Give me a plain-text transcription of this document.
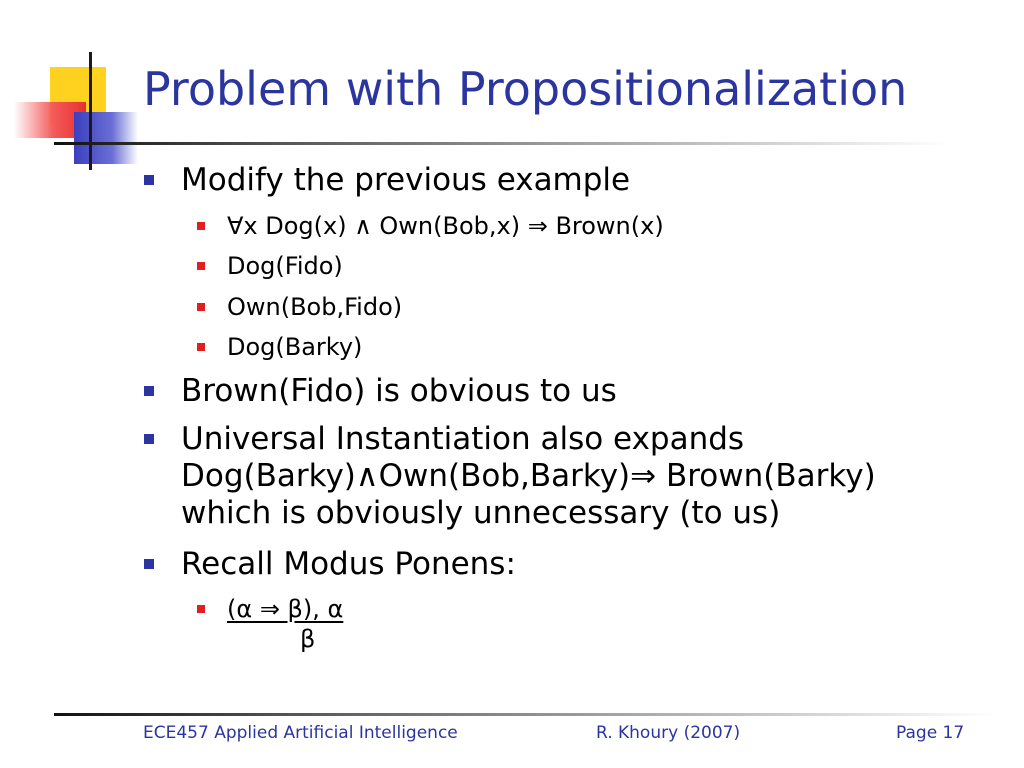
Problem with Propositionalization
Modify the previous example
∀x Dog(x) ∧ Own(Bob,x) ⇒ Brown(x)
Dog(Fido)
Own(Bob,Fido)
Dog(Barky)
Brown(Fido) is obvious to us
Universal Instantiation also expands
Dog(Barky)∧Own(Bob,Barky)⇒ Brown(Barky)
which is obviously unnecessary (to us)
Recall Modus Ponens:
(α ⇒ β), α
β
ECE457 Applied Artificial Intelligence	R. Khoury (2007)	Page 17
